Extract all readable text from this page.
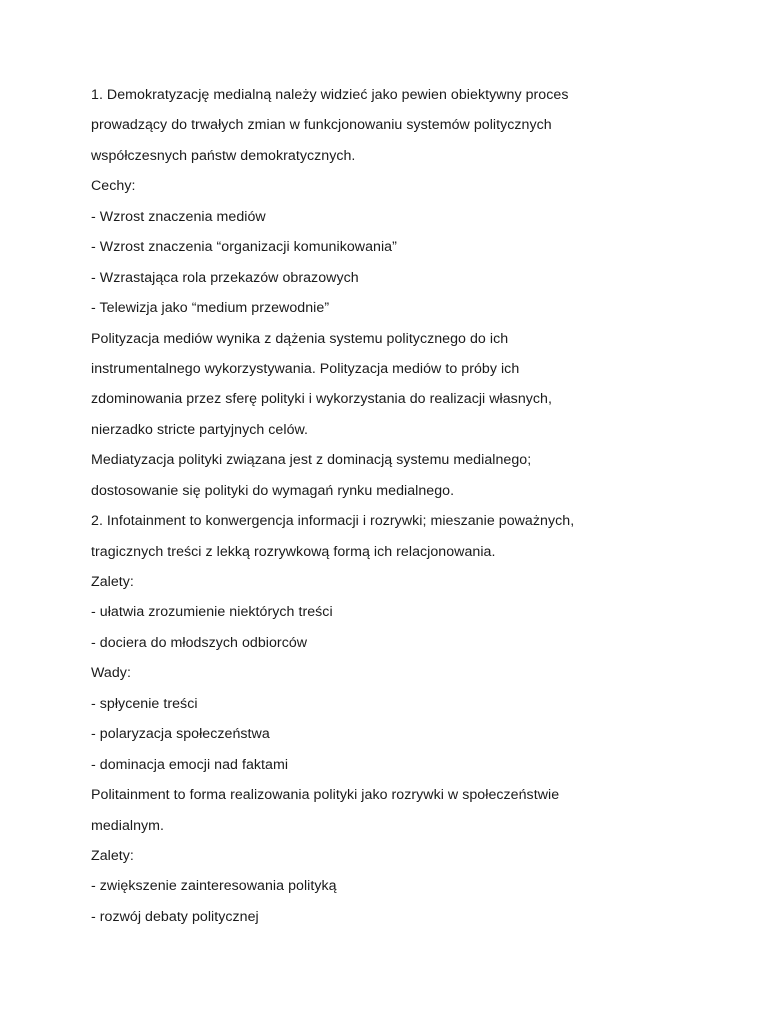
1. Demokratyzację medialną należy widzieć jako pewien obiektywny proces
prowadzący do trwałych zmian w funkcjonowaniu systemów politycznych
współczesnych państw demokratycznych.
Cechy:
- Wzrost znaczenia mediów
- Wzrost znaczenia “organizacji komunikowania”
- Wzrastająca rola przekazów obrazowych
- Telewizja jako “medium przewodnie”
Polityzacja mediów wynika z dążenia systemu politycznego do ich
instrumentalnego wykorzystywania. Polityzacja mediów to próby ich
zdominowania przez sferę polityki i wykorzystania do realizacji własnych,
nierzadko stricte partyjnych celów.
Mediatyzacja polityki związana jest z dominacją systemu medialnego;
dostosowanie się polityki do wymagań rynku medialnego.
2. Infotainment to konwergencja informacji i rozrywki; mieszanie poważnych,
tragicznych treści z lekką rozrywkową formą ich relacjonowania.
Zalety:
- ułatwia zrozumienie niektórych treści
- dociera do młodszych odbiorców
Wady:
- spłycenie treści
- polaryzacja społeczeństwa
- dominacja emocji nad faktami
Politainment to forma realizowania polityki jako rozrywki w społeczeństwie
medialnym.
Zalety:
- zwiększenie zainteresowania polityką
- rozwój debaty politycznej
